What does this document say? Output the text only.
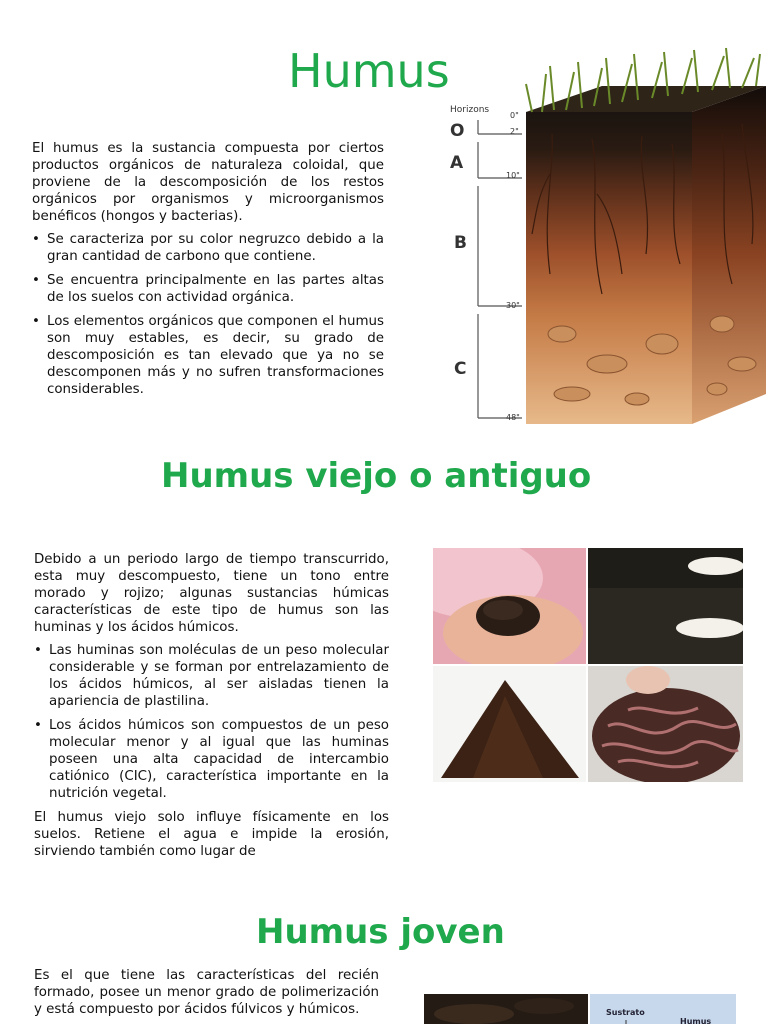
Humus

El humus es la sustancia compuesta por ciertos productos orgánicos de naturaleza coloidal, que proviene de la descomposición de los restos orgánicos por organismos y microorganismos benéficos (hongos y bacterias).

• Se caracteriza por su color negruzco debido a la gran cantidad de carbono que contiene.
• Se encuentra principalmente en las partes altas de los suelos con actividad orgánica.
• Los elementos orgánicos que componen el humus son muy estables, es decir, su grado de descomposición es tan elevado que ya no se descomponen más y no sufren transformaciones considerables.
Horizons
O
A
B
C
0"
2"
10"
30"
48"
Humus viejo o antiguo

Debido a un periodo largo de tiempo transcurrido, esta muy descompuesto, tiene un tono entre morado y rojizo; algunas sustancias húmicas características de este tipo de humus son las huminas y los ácidos húmicos.

• Las huminas son moléculas de un peso molecular considerable y se forman por entrelazamiento de los ácidos húmicos, al ser aisladas tienen la apariencia de plastilina.
• Los ácidos húmicos son compuestos de un peso molecular menor y al igual que las huminas poseen una alta capacidad de intercambio catiónico (CIC), característica importante en la nutrición vegetal.

El humus viejo solo influye físicamente en los suelos. Retiene el agua e impide la erosión, sirviendo también como lugar de

Humus joven

Es el que tiene las características del recién formado, posee un menor grado de polimerización y está compuesto por ácidos fúlvicos y húmicos.	Sustrato
Humus
